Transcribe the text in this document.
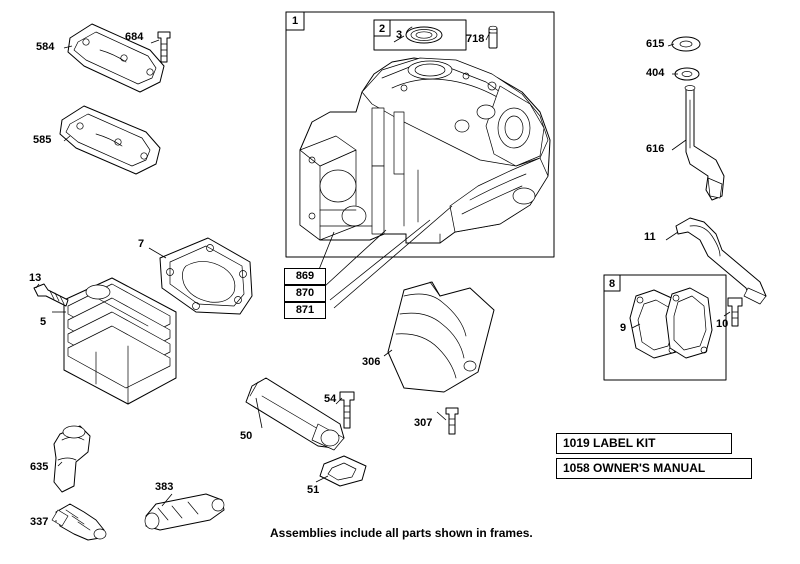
1
2
8
584
684
585
3	718	615
404
616
11
7
13
5	9	10
306
307
54
50
51
635
383
337
869
870
871
1019 LABEL KIT
1058 OWNER'S MANUAL
Assemblies include all parts shown in frames.
